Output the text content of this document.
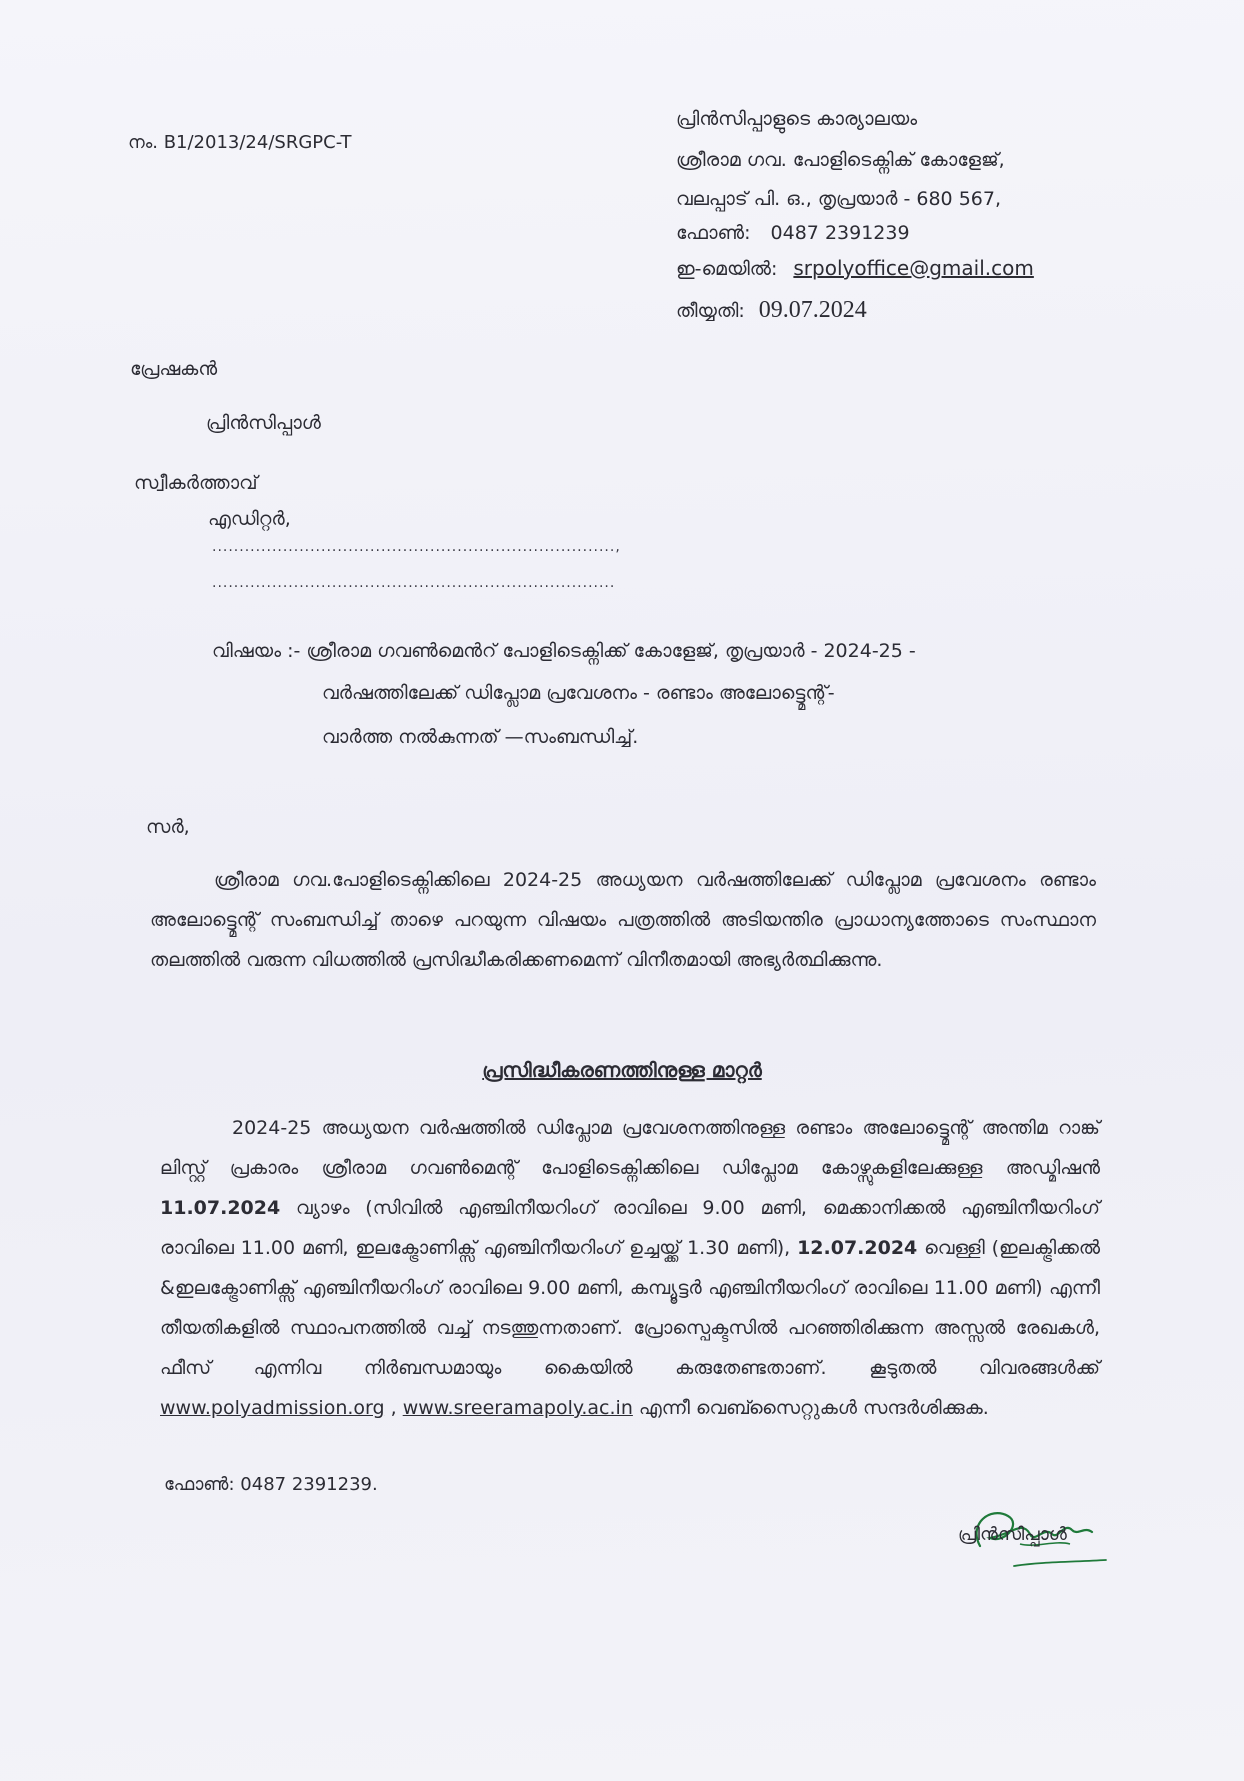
നം. B1/2013/24/SRGPC-T
പ്രിൻസിപ്പാളുടെ കാര്യാലയം
ശ്രീരാമ ഗവ. പോളിടെക്നിക് കോളേജ്,
വലപ്പാട് പി. ഒ., തൃപ്രയാർ - 680 567,
ഫോൺ: 0487 2391239
ഇ-മെയിൽ: srpolyoffice@gmail.com
തീയ്യതി: 09.07.2024
പ്രേഷകൻ
പ്രിൻസിപ്പാൾ
സ്വീകർത്താവ്
എഡിറ്റർ,
..........................................................................,
..........................................................................
വിഷയം :- ശ്രീരാമ ഗവൺമെൻറ് പോളിടെക്നിക്ക് കോളേജ്, തൃപ്രയാർ - 2024-25 -
വർഷത്തിലേക്ക് ഡിപ്ലോമ പ്രവേശനം - രണ്ടാം അലോട്ട്മെന്റ്-
വാർത്ത നൽകുന്നത് —സംബന്ധിച്ച്.
സർ,
ശ്രീരാമ ഗവ.പോളിടെക്നിക്കിലെ 2024-25 അധ്യയന വർഷത്തിലേക്ക് ഡിപ്ലോമ പ്രവേശനം രണ്ടാം അലോട്ട്മെന്റ് സംബന്ധിച്ച് താഴെ പറയുന്ന വിഷയം പത്രത്തിൽ അടിയന്തിര പ്രാധാന്യത്തോടെ സംസ്ഥാന തലത്തിൽ വരുന്ന വിധത്തിൽ പ്രസിദ്ധീകരിക്കണമെന്ന് വിനീതമായി അഭ്യർത്ഥിക്കുന്നു.
പ്രസിദ്ധീകരണത്തിനുള്ള മാറ്റർ
2024-25 അധ്യയന വർഷത്തിൽ ഡിപ്ലോമ പ്രവേശനത്തിനുള്ള രണ്ടാം അലോട്ട്മെന്റ് അന്തിമ റാങ്ക് ലിസ്റ്റ് പ്രകാരം ശ്രീരാമ ഗവൺമെന്റ് പോളിടെക്നിക്കിലെ ഡിപ്ലോമ കോഴ്സുകളിലേക്കുള്ള അഡ്മിഷൻ 11.07.2024 വ്യാഴം (സിവിൽ എഞ്ചിനീയറിംഗ് രാവിലെ 9.00 മണി, മെക്കാനിക്കൽ എഞ്ചിനീയറിംഗ് രാവിലെ 11.00 മണി, ഇലക്ട്രോണിക്സ് എഞ്ചിനീയറിംഗ് ഉച്ചയ്ക്ക് 1.30 മണി), 12.07.2024 വെള്ളി (ഇലക്ട്രിക്കൽ &ഇലക്ട്രോണിക്സ് എഞ്ചിനീയറിംഗ് രാവിലെ 9.00 മണി, കമ്പ്യൂട്ടർ എഞ്ചിനീയറിംഗ് രാവിലെ 11.00 മണി) എന്നീ തീയതികളിൽ സ്ഥാപനത്തിൽ വച്ച് നടത്തുന്നതാണ്. പ്രോസ്പെക്ടസിൽ പറഞ്ഞിരിക്കുന്ന അസ്സൽ രേഖകൾ, ഫീസ് എന്നിവ നിർബന്ധമായും കൈയിൽ കരുതേണ്ടതാണ്. കൂടുതൽ വിവരങ്ങൾക്ക് www.polyadmission.org , www.sreeramapoly.ac.in എന്നീ വെബ്സൈറ്റുകൾ സന്ദർശിക്കുക.
ഫോൺ: 0487 2391239.
പ്രിൻസിപ്പാൾ
